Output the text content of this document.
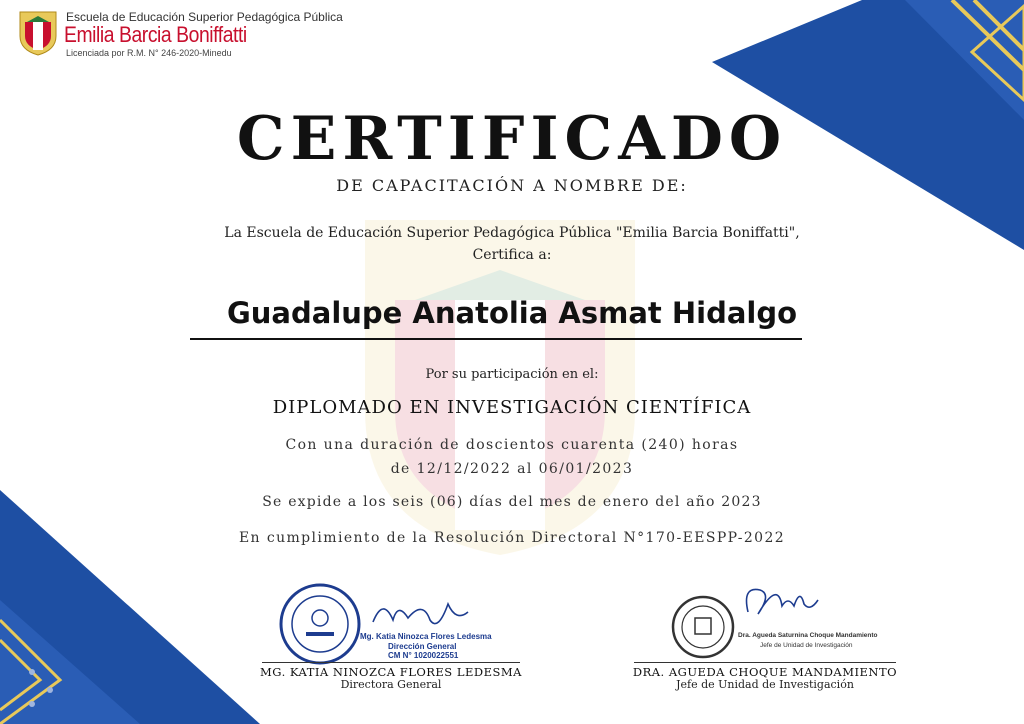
Escuela de Educación Superior Pedagógica Pública
Emilia Barcia Boniffatti
Licenciada por R.M. N° 246-2020-Minedu
CERTIFICADO
DE CAPACITACIÓN A NOMBRE DE:
La Escuela de Educación Superior Pedagógica Pública "Emilia Barcia Boniffatti",
Certifica a:
Guadalupe Anatolia Asmat Hidalgo
Por su participación en el:
DIPLOMADO EN INVESTIGACIÓN CIENTÍFICA
Con una duración de doscientos cuarenta (240) horas
de 12/12/2022 al 06/01/2023
Se expide a los seis (06) días del mes de enero del año 2023
En cumplimiento de la Resolución Directoral N°170-EESPP-2022
Mg. Katia Ninozca Flores Ledesma
Dirección General
CM N° 1020022551
MG. KATIA NINOZCA FLORES LEDESMA
Directora General
Dra. Agueda Saturnina Choque Mandamiento
Jefe de Unidad de Investigación
DRA. AGUEDA CHOQUE MANDAMIENTO
Jefe de Unidad de Investigación
